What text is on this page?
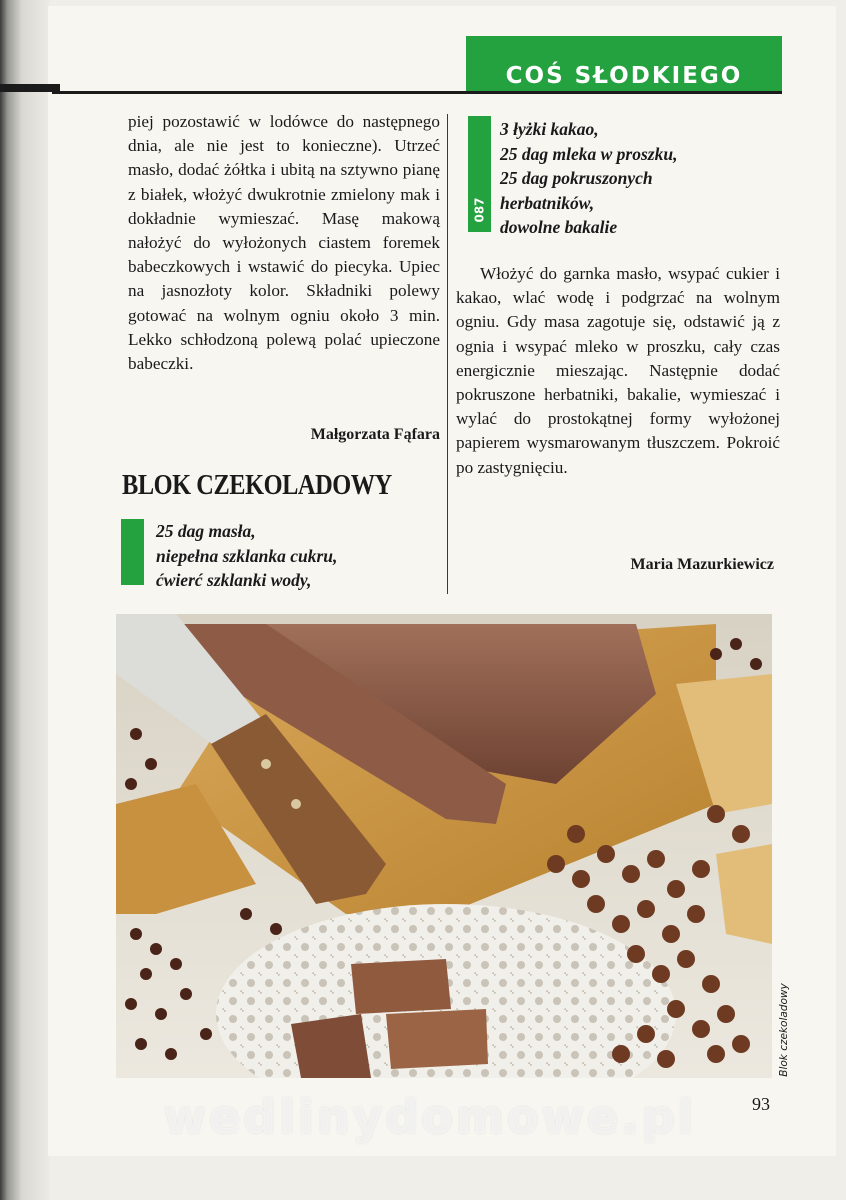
COŚ SŁODKIEGO

piej pozostawić w lodówce do następnego dnia, ale nie jest to konieczne). Utrzeć masło, dodać żółtka i ubitą na sztywno pianę z białek, włożyć dwukrotnie zmielony mak i dokładnie wymieszać. Masę makową nałożyć do wyłożonych ciastem foremek babeczkowych i wstawić do piecyka. Upiec na jasnozłoty kolor. Składniki polewy gotować na wolnym ogniu około 3 min. Lekko schłodzoną polewą polać upieczone babeczki.

Małgorzata Fąfara
BLOK CZEKOLADOWY
25 dag masła,
niepełna szklanka cukru,
ćwierć szklanki wody,
087
3 łyżki kakao,
25 dag mleka w proszku,
25 dag pokruszonych
herbatników,
dowolne bakalie

Włożyć do garnka masło, wsypać cukier i kakao, wlać wodę i podgrzać na wolnym ogniu. Gdy masa zagotuje się, odstawić ją z ognia i wsypać mleko w proszku, cały czas energicznie mieszając. Następnie dodać pokruszone herbatniki, bakalie, wymieszać i wylać do prostokątnej formy wyłożonej papierem wysmarowanym tłuszczem. Pokroić po zastygnięciu.

Maria Mazurkiewicz
Blok czekoladowy
wedlinydomowe.pl	93
